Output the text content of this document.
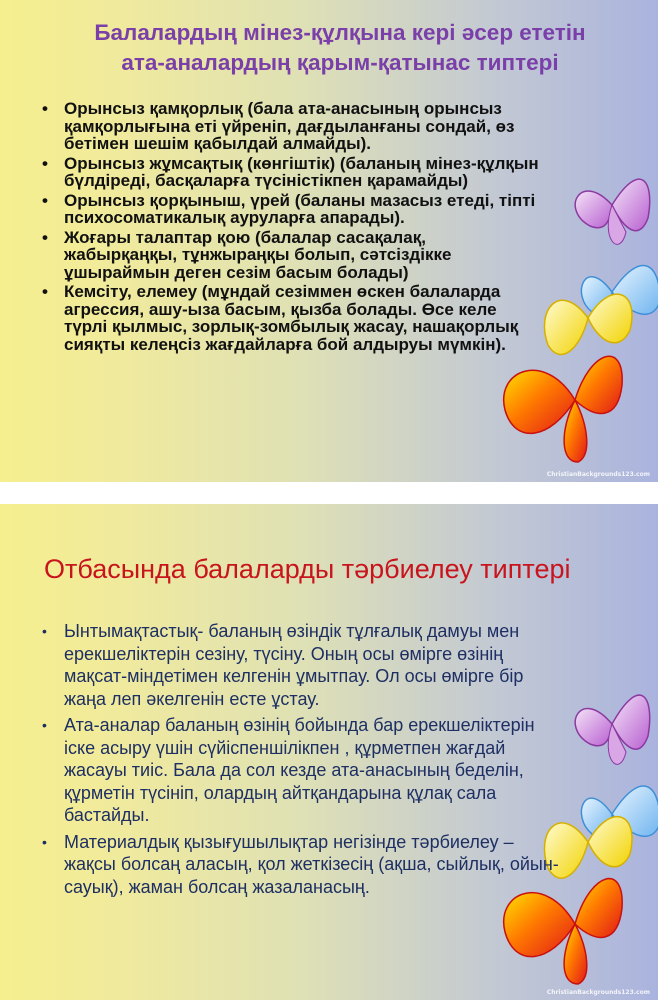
Балалардың мінез-құлқына кері әсер ететін
ата-аналардың қарым-қатынас типтері
• Орынсыз қамқорлық (бала ата-анасының орынсыз қамқорлығына еті үйреніп, дағдыланғаны сондай, өз бетімен шешім қабылдай алмайды).
• Орынсыз жұмсақтық (көнгіштік) (баланың мінез-құлқын бүлдіреді, басқаларға түсіністікпен қарамайды)
• Орынсыз қорқыныш, үрей (баланы мазасыз етеді, тіпті психосоматикалық ауруларға апарады).
• Жоғары талаптар қою (балалар сасақалақ, жабырқаңқы, тұнжыраңқы болып, сәтсіздікке ұшыраймын деген сезім басым болады)
• Кемсіту, елемеу (мұндай сезіммен өскен балаларда агрессия, ашу-ыза басым, қызба болады. Өсе келе түрлі қылмыс, зорлық-зомбылық жасау, нашақорлық сияқты келеңсіз жағдайларға бой алдыруы мүмкін).
ChristianBackgrounds123.com
Отбасында балаларды тәрбиелеу типтері
• Ынтымақтастық- баланың өзіндік тұлғалық дамуы мен ерекшеліктерін сезіну, түсіну. Оның осы өмірге өзінің мақсат-міндетімен келгенін ұмытпау. Ол осы өмірге бір жаңа леп әкелгенін есте ұстау.
• Ата-аналар баланың өзінің бойында бар ерекшеліктерін іске асыру үшін сүйіспеншілікпен , құрметпен жағдай жасауы тиіс. Бала да сол кезде ата-анасының беделін, құрметін түсініп, олардың айтқандарына құлақ сала бастайды.
• Материалдық қызығушылықтар негізінде тәрбиелеу – жақсы болсаң аласың, қол жеткізесің (ақша, сыйлық, ойын-сауық), жаман болсаң жазаланасың.
ChristianBackgrounds123.com
